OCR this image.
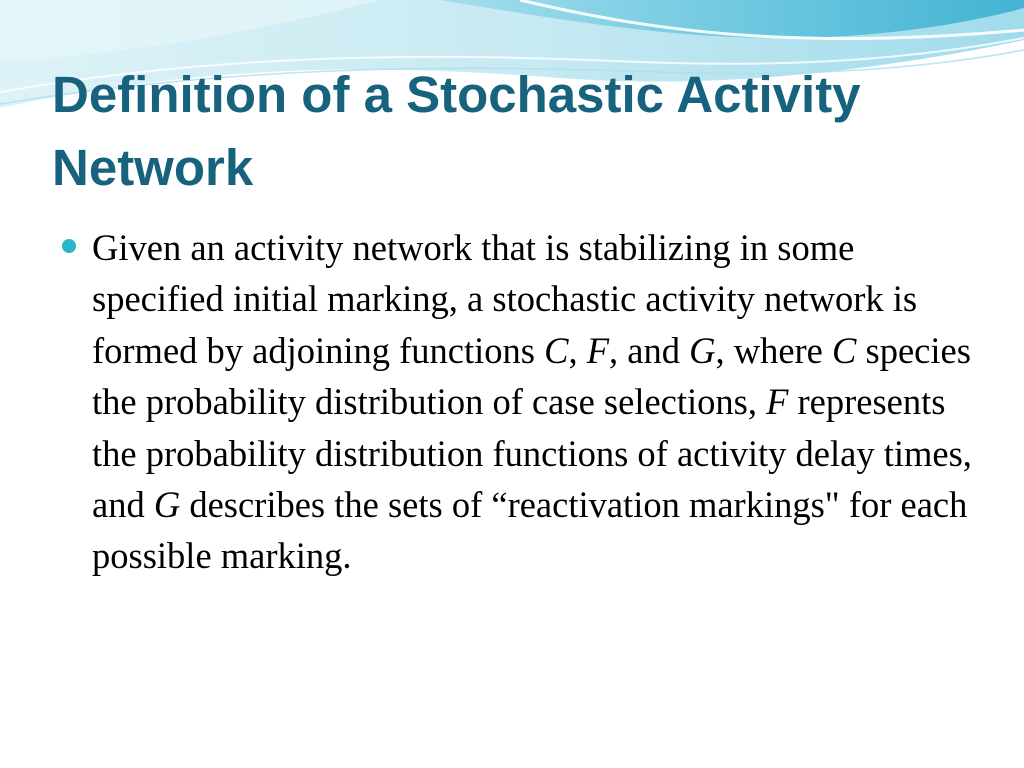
Definition of a Stochastic Activity Network
Given an activity network that is stabilizing in some specified initial marking, a stochastic activity network is formed by adjoining functions C, F, and G, where C species the probability distribution of case selections, F represents the probability distribution functions of activity delay times, and G describes the sets of “reactivation markings" for each possible marking.
